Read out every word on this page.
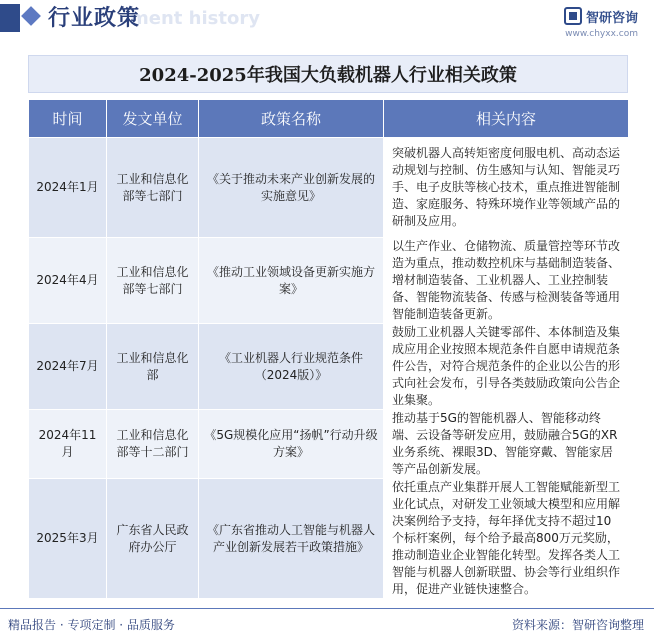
ment history
行业政策	智研咨询
www.chyxx.com
2024-2025年我国大负载机器人行业相关政策
时间	发文单位	政策名称	相关内容
2024年1月	工业和信息化部等七部门	《关于推动未来产业创新发展的实施意见》	突破机器人高转矩密度伺服电机、高动态运动规划与控制、仿生感知与认知、智能灵巧手、电子皮肤等核心技术，重点推进智能制造、家庭服务、特殊环境作业等领域产品的研制及应用。
2024年4月	工业和信息化部等七部门	《推动工业领域设备更新实施方案》	以生产作业、仓储物流、质量管控等环节改造为重点，推动数控机床与基础制造装备、增材制造装备、工业机器人、工业控制装备、智能物流装备、传感与检测装备等通用智能制造装备更新。
2024年7月	工业和信息化部	《工业机器人行业规范条件（2024版）》	鼓励工业机器人关键零部件、本体制造及集成应用企业按照本规范条件自愿申请规范条件公告，对符合规范条件的企业以公告的形式向社会发布，引导各类鼓励政策向公告企业集聚。
2024年11月	工业和信息化部等十二部门	《5G规模化应用“扬帆”行动升级方案》	推动基于5G的智能机器人、智能移动终端、云设备等研发应用，鼓励融合5G的XR业务系统、裸眼3D、智能穿戴、智能家居等产品创新发展。
2025年3月	广东省人民政府办公厅	《广东省推动人工智能与机器人产业创新发展若干政策措施》	依托重点产业集群开展人工智能赋能新型工业化试点，对研发工业领域大模型和应用解决案例给予支持，每年择优支持不超过10个标杆案例，每个给予最高800万元奖励，推动制造业企业智能化转型。发挥各类人工智能与机器人创新联盟、协会等行业组织作用，促进产业链快速整合。
精品报告 · 专项定制 · 品质服务	资料来源：智研咨询整理
